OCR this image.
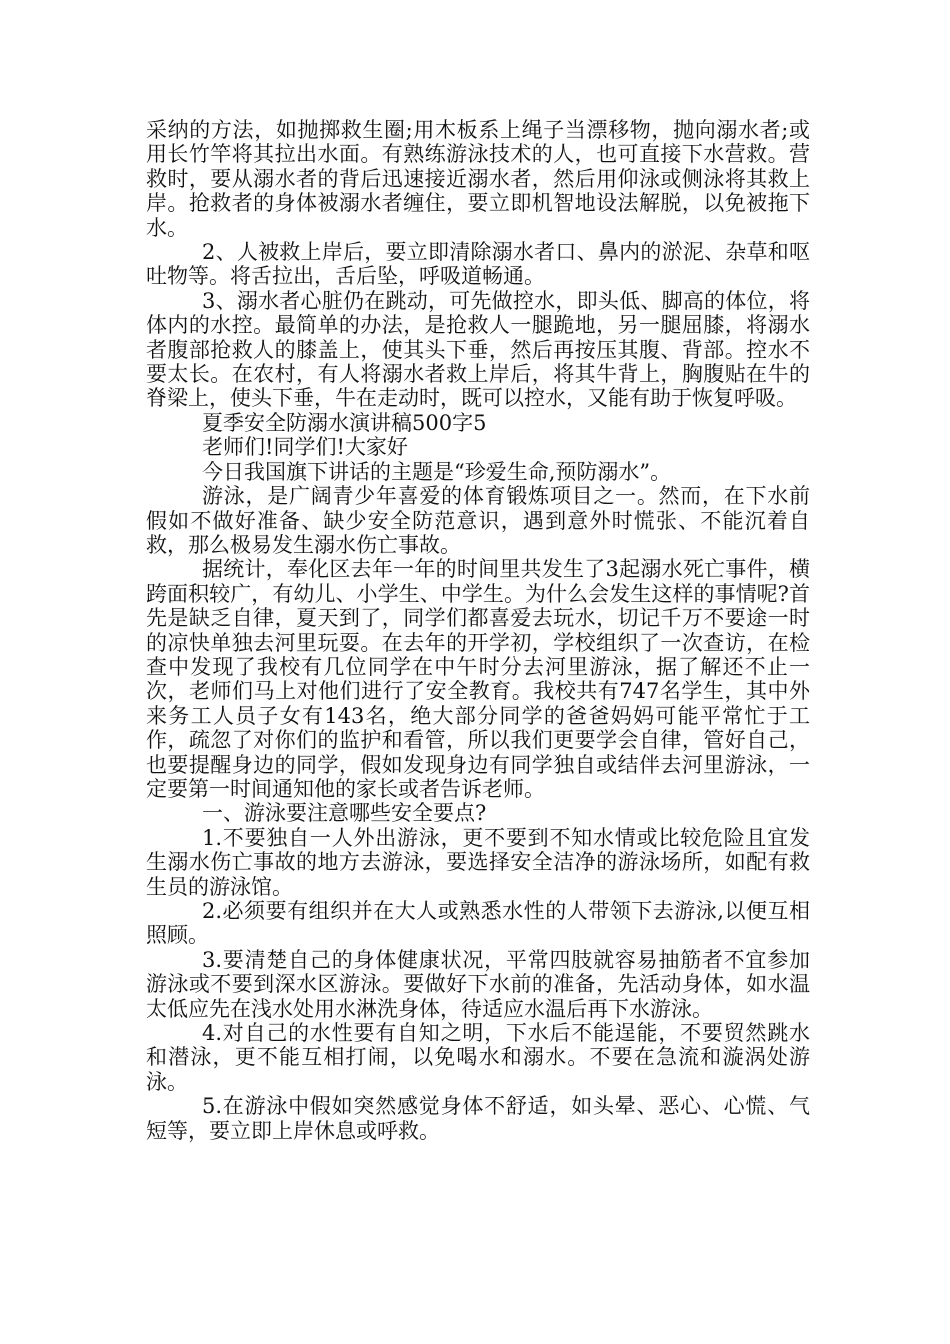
采纳的方法，如抛掷救生圈;用木板系上绳子当漂移物，抛向溺水者;或用长竹竿将其拉出水面。有熟练游泳技术的人，也可直接下水营救。营救时，要从溺水者的背后迅速接近溺水者，然后用仰泳或侧泳将其救上岸。抢救者的身体被溺水者缠住，要立即机智地设法解脱，以免被拖下水。

2、人被救上岸后，要立即清除溺水者口、鼻内的淤泥、杂草和呕吐物等。将舌拉出，舌后坠，呼吸道畅通。

3、溺水者心脏仍在跳动，可先做控水，即头低、脚高的体位，将体内的水控。最简单的办法，是抢救人一腿跪地，另一腿屈膝，将溺水者腹部抢救人的膝盖上，使其头下垂，然后再按压其腹、背部。控水不要太长。在农村，有人将溺水者救上岸后，将其牛背上，胸腹贴在牛的脊梁上，使头下垂，牛在走动时，既可以控水，又能有助于恢复呼吸。

夏季安全防溺水演讲稿500字5

老师们!同学们!大家好

今日我国旗下讲话的主题是“珍爱生命,预防溺水”。

游泳，是广阔青少年喜爱的体育锻炼项目之一。然而，在下水前假如不做好准备、缺少安全防范意识，遇到意外时慌张、不能沉着自救，那么极易发生溺水伤亡事故。

据统计，奉化区去年一年的时间里共发生了3起溺水死亡事件，横跨面积较广，有幼儿、小学生、中学生。为什么会发生这样的事情呢?首先是缺乏自律，夏天到了，同学们都喜爱去玩水，切记千万不要途一时的凉快单独去河里玩耍。在去年的开学初，学校组织了一次查访，在检查中发现了我校有几位同学在中午时分去河里游泳，据了解还不止一次，老师们马上对他们进行了安全教育。我校共有747名学生，其中外来务工人员子女有143名，绝大部分同学的爸爸妈妈可能平常忙于工作，疏忽了对你们的监护和看管，所以我们更要学会自律，管好自己，也要提醒身边的同学，假如发现身边有同学独自或结伴去河里游泳，一定要第一时间通知他的家长或者告诉老师。

一、游泳要注意哪些安全要点?

1.不要独自一人外出游泳，更不要到不知水情或比较危险且宜发生溺水伤亡事故的地方去游泳，要选择安全洁净的游泳场所，如配有救生员的游泳馆。

2.必须要有组织并在大人或熟悉水性的人带领下去游泳,以便互相照顾。

3.要清楚自己的身体健康状况，平常四肢就容易抽筋者不宜参加游泳或不要到深水区游泳。要做好下水前的准备，先活动身体，如水温太低应先在浅水处用水淋洗身体，待适应水温后再下水游泳。

4.对自己的水性要有自知之明，下水后不能逞能，不要贸然跳水和潜泳，更不能互相打闹，以免喝水和溺水。不要在急流和漩涡处游泳。

5.在游泳中假如突然感觉身体不舒适，如头晕、恶心、心慌、气短等，要立即上岸休息或呼救。
